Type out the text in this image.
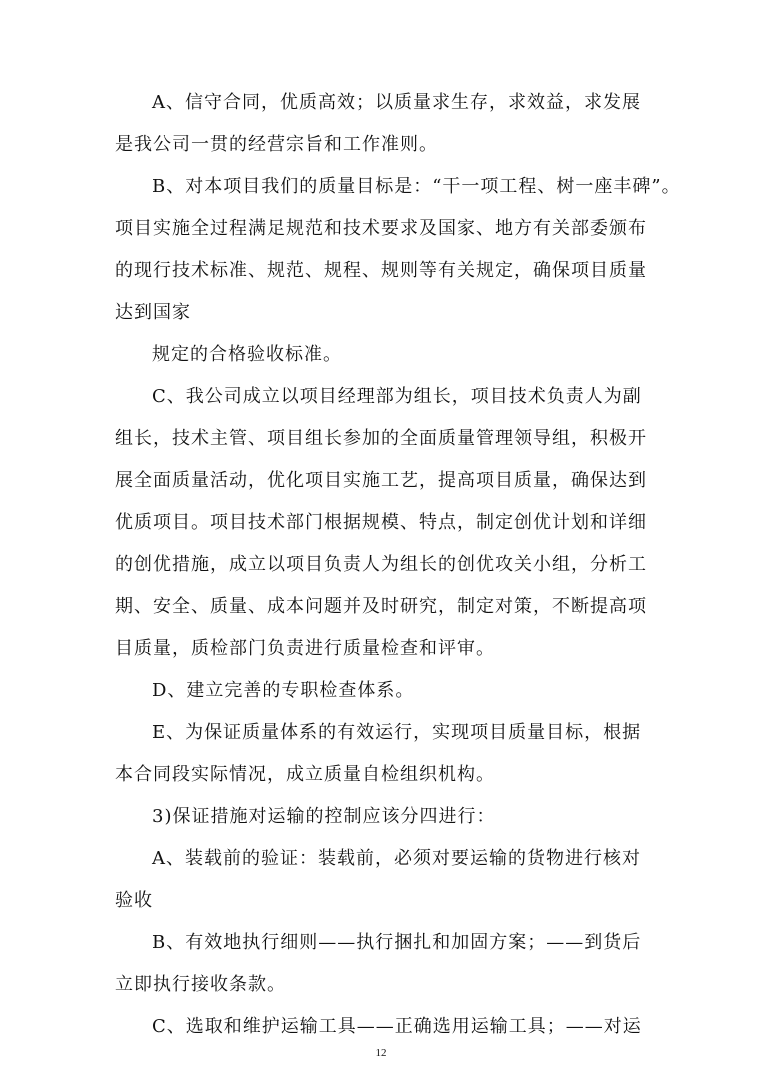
A、信守合同，优质高效；以质量求生存，求效益，求发展
是我公司一贯的经营宗旨和工作准则。
B、对本项目我们的质量目标是：“干一项工程、树一座丰碑”。
项目实施全过程满足规范和技术要求及国家、地方有关部委颁布
的现行技术标准、规范、规程、规则等有关规定，确保项目质量
达到国家
规定的合格验收标准。
C、我公司成立以项目经理部为组长，项目技术负责人为副
组长，技术主管、项目组长参加的全面质量管理领导组，积极开
展全面质量活动，优化项目实施工艺，提高项目质量，确保达到
优质项目。项目技术部门根据规模、特点，制定创优计划和详细
的创优措施，成立以项目负责人为组长的创优攻关小组，分析工
期、安全、质量、成本问题并及时研究，制定对策，不断提高项
目质量，质检部门负责进行质量检查和评审。
D、建立完善的专职检查体系。
E、为保证质量体系的有效运行，实现项目质量目标，根据
本合同段实际情况，成立质量自检组织机构。
3)保证措施对运输的控制应该分四进行：
A、装载前的验证：装载前，必须对要运输的货物进行核对
验收
B、有效地执行细则——执行捆扎和加固方案；——到货后
立即执行接收条款。
C、选取和维护运输工具——正确选用运输工具；——对运
12
